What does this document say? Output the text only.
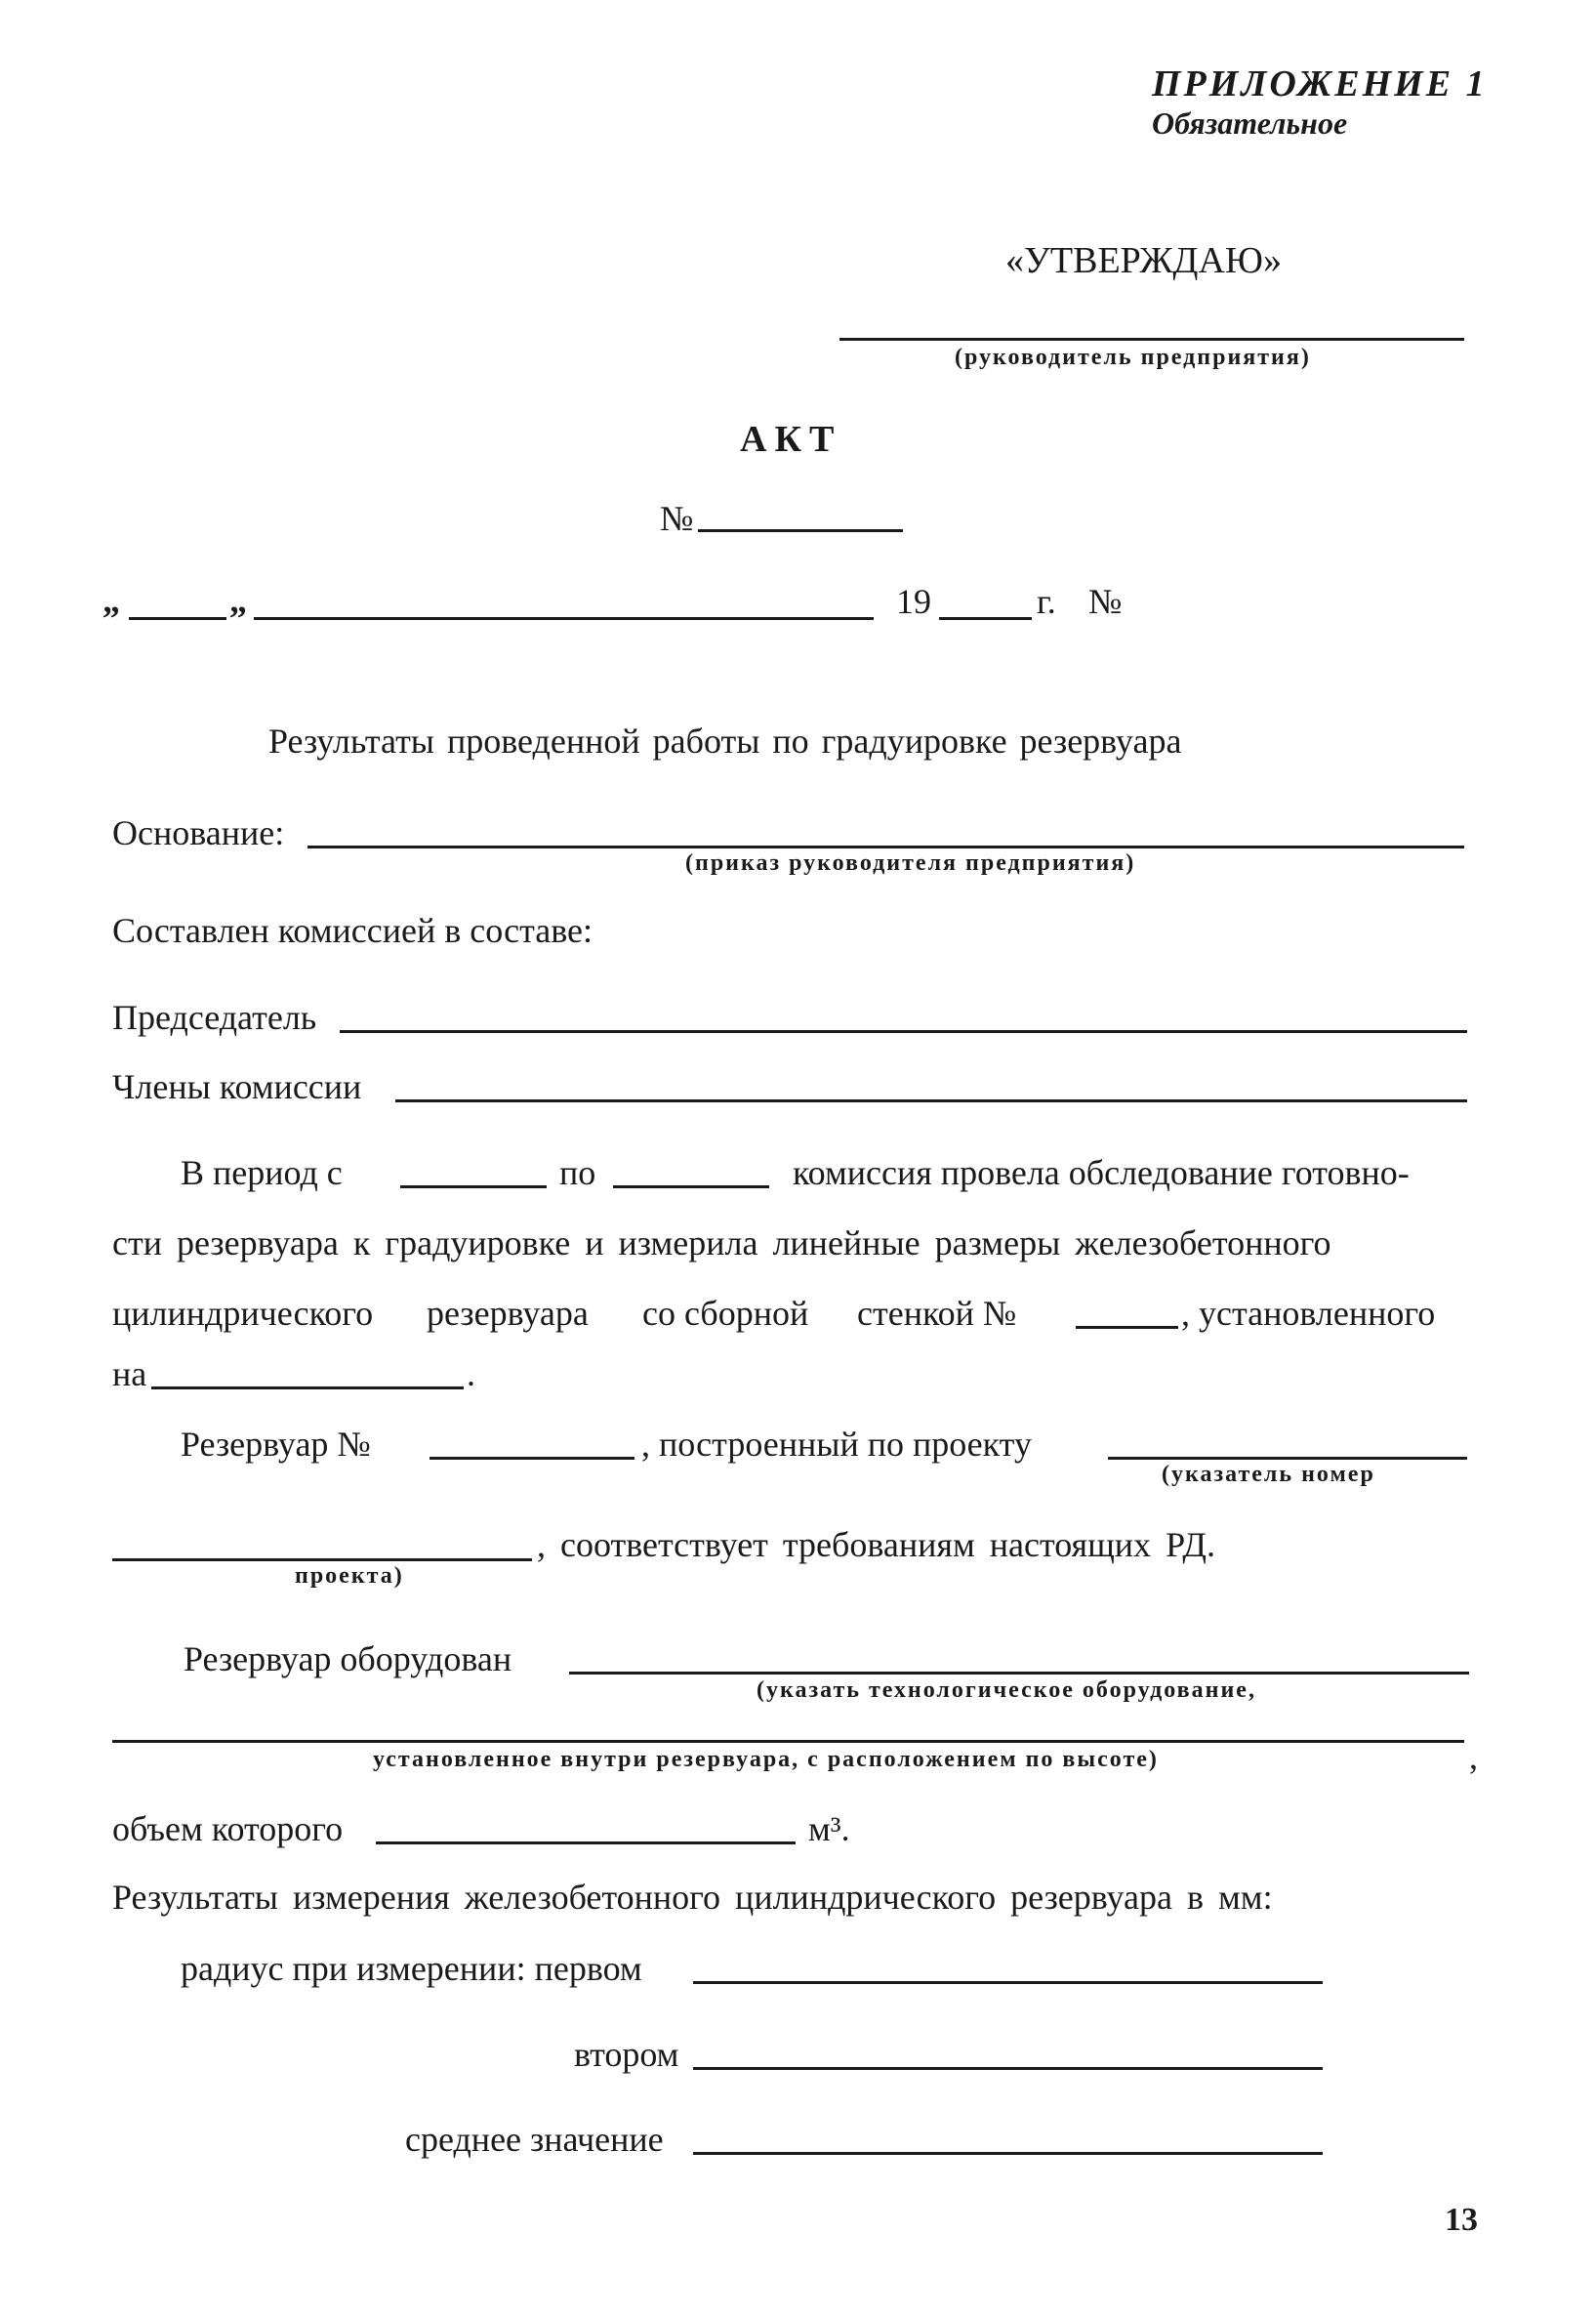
ПРИЛОЖЕНИЕ 1
Обязательное
«УТВЕРЖДАЮ»
(руководитель предприятия)
АКТ
№
„	„	19	г. №
Результаты проведенной работы по градуировке резервуара
Основание:
(приказ руководителя предприятия)
Составлен комиссией в составе:
Председатель
Члены комиссии
В период с	по	комиссия провела обследование готовно-
сти резервуара к градуировке и измерила линейные размеры железобетонного
цилиндрического резервуара со сборной стенкой №	, установленного
на	.
Резервуар №	, построенный по проекту
(указатель номер
, соответствует требованиям настоящих РД.
проекта)
Резервуар оборудован
(указать технологическое оборудование,
установленное внутри резервуара, с расположением по высоте)	,
объем которого	м³.
Результаты измерения железобетонного цилиндрического резервуара в мм:
радиус при измерении: первом
втором
среднее значение
13
